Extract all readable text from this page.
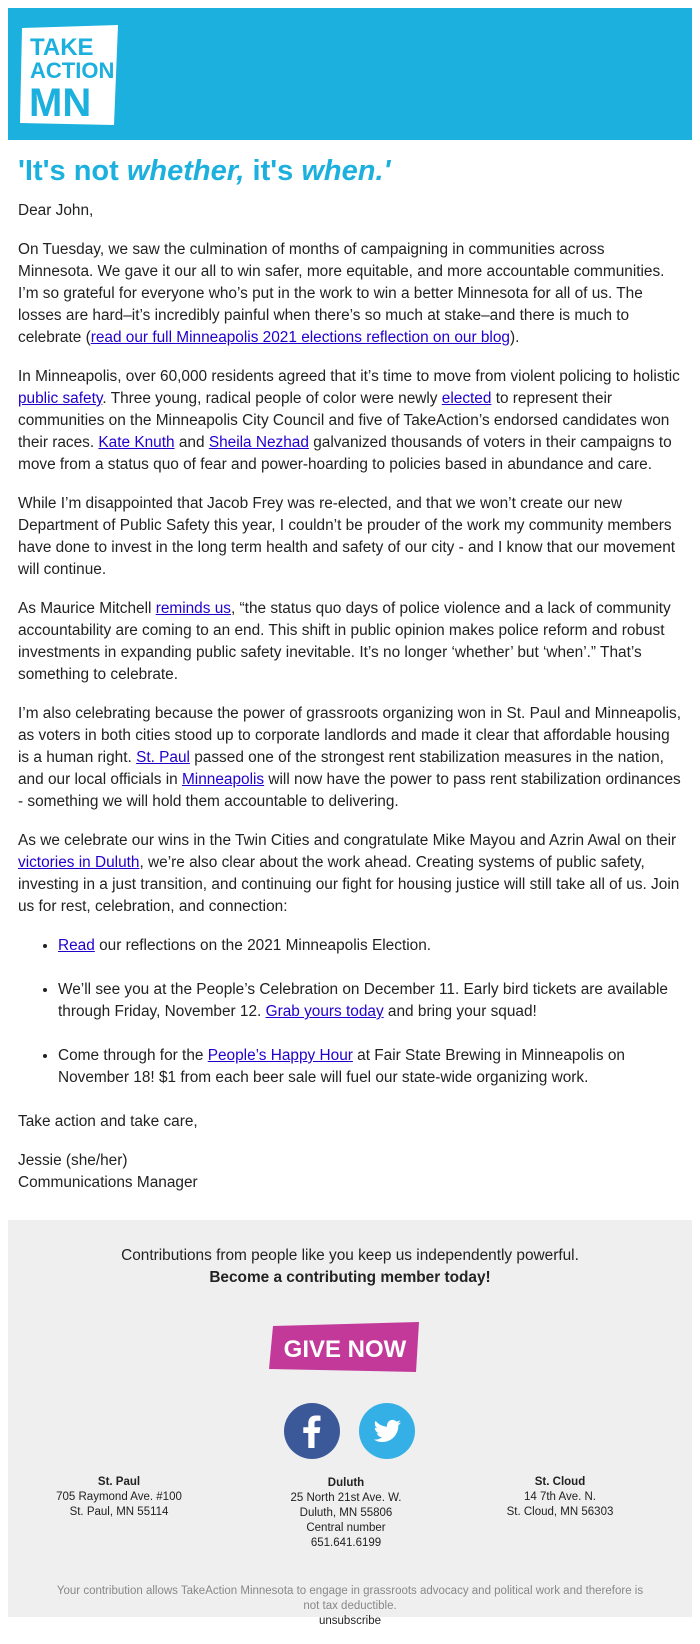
TAKE
ACTION
MN
'It's not whether, it's when.'

Dear John,

On Tuesday, we saw the culmination of months of campaigning in communities across Minnesota. We gave it our all to win safer, more equitable, and more accountable communities. I’m so grateful for everyone who’s put in the work to win a better Minnesota for all of us. The losses are hard–it’s incredibly painful when there’s so much at stake–and there is much to celebrate (read our full Minneapolis 2021 elections reflection on our blog).

In Minneapolis, over 60,000 residents agreed that it’s time to move from violent policing to holistic public safety. Three young, radical people of color were newly elected to represent their communities on the Minneapolis City Council and five of TakeAction’s endorsed candidates won their races. Kate Knuth and Sheila Nezhad galvanized thousands of voters in their campaigns to move from a status quo of fear and power-hoarding to policies based in abundance and care.

While I’m disappointed that Jacob Frey was re-elected, and that we won’t create our new Department of Public Safety this year, I couldn’t be prouder of the work my community members have done to invest in the long term health and safety of our city - and I know that our movement will continue.

As Maurice Mitchell reminds us, “the status quo days of police violence and a lack of community accountability are coming to an end. This shift in public opinion makes police reform and robust investments in expanding public safety inevitable. It’s no longer ‘whether’ but ‘when’.” That’s something to celebrate.

I’m also celebrating because the power of grassroots organizing won in St. Paul and Minneapolis, as voters in both cities stood up to corporate landlords and made it clear that affordable housing is a human right. St. Paul passed one of the strongest rent stabilization measures in the nation, and our local officials in Minneapolis will now have the power to pass rent stabilization ordinances - something we will hold them accountable to delivering.

As we celebrate our wins in the Twin Cities and congratulate Mike Mayou and Azrin Awal on their victories in Duluth, we’re also clear about the work ahead. Creating systems of public safety, investing in a just transition, and continuing our fight for housing justice will still take all of us. Join us for rest, celebration, and connection:

• Read our reflections on the 2021 Minneapolis Election.
• We’ll see you at the People’s Celebration on December 11. Early bird tickets are available through Friday, November 12. Grab yours today and bring your squad!
• Come through for the People’s Happy Hour at Fair State Brewing in Minneapolis on November 18! $1 from each beer sale will fuel our state-wide organizing work.

Take action and take care,

Jessie (she/her)
Communications Manager

Contributions from people like you keep us independently powerful.
Become a contributing member today!
GIVE NOW
St. Paul
705 Raymond Ave. #100
St. Paul, MN 55114
Duluth
25 North 21st Ave. W.
Duluth, MN 55806
Central number
651.641.6199
St. Cloud
14 7th Ave. N.
St. Cloud, MN 56303
Your contribution allows TakeAction Minnesota to engage in grassroots advocacy and political work and therefore is not tax deductible.
unsubscribe
